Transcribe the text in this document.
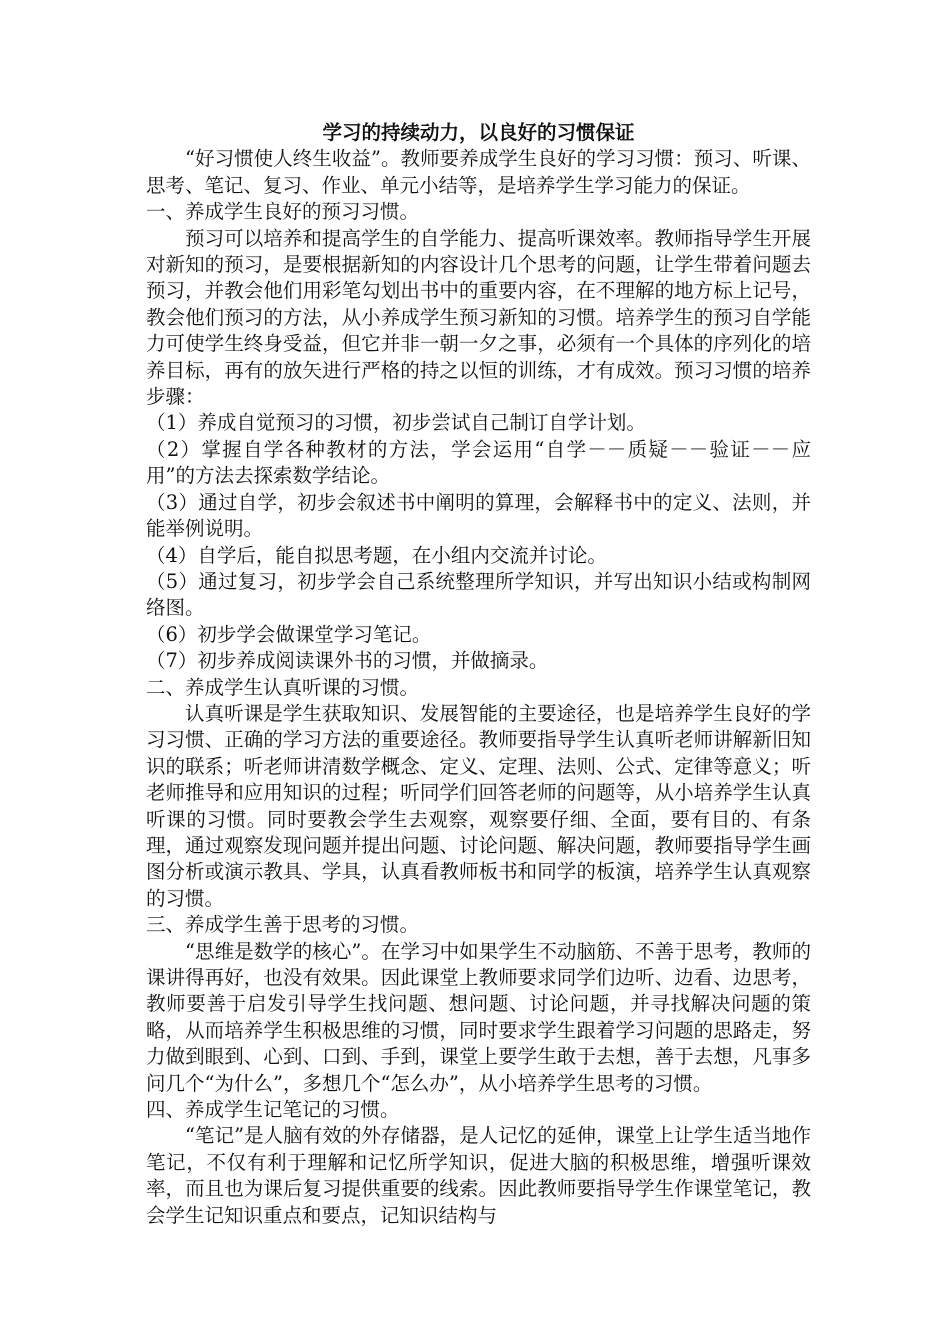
学习的持续动力，以良好的习惯保证

“好习惯使人终生收益”。教师要养成学生良好的学习习惯：预习、听课、思考、笔记、复习、作业、单元小结等，是培养学生学习能力的保证。

一、养成学生良好的预习习惯。

预习可以培养和提高学生的自学能力、提高听课效率。教师指导学生开展对新知的预习，是要根据新知的内容设计几个思考的问题，让学生带着问题去预习，并教会他们用彩笔勾划出书中的重要内容，在不理解的地方标上记号，教会他们预习的方法，从小养成学生预习新知的习惯。培养学生的预习自学能力可使学生终身受益，但它并非一朝一夕之事，必须有一个具体的序列化的培养目标，再有的放矢进行严格的持之以恒的训练，才有成效。预习习惯的培养步骤：

（1）养成自觉预习的习惯，初步尝试自己制订自学计划。

（2）掌握自学各种教材的方法，学会运用“自学－－质疑－－验证－－应用”的方法去探索数学结论。

（3）通过自学，初步会叙述书中阐明的算理，会解释书中的定义、法则，并能举例说明。

（4）自学后，能自拟思考题，在小组内交流并讨论。

（5）通过复习，初步学会自己系统整理所学知识，并写出知识小结或构制网络图。

（6）初步学会做课堂学习笔记。

（7）初步养成阅读课外书的习惯，并做摘录。

二、养成学生认真听课的习惯。

认真听课是学生获取知识、发展智能的主要途径，也是培养学生良好的学习习惯、正确的学习方法的重要途径。教师要指导学生认真听老师讲解新旧知识的联系；听老师讲清数学概念、定义、定理、法则、公式、定律等意义；听老师推导和应用知识的过程；听同学们回答老师的问题等，从小培养学生认真听课的习惯。同时要教会学生去观察，观察要仔细、全面，要有目的、有条理，通过观察发现问题并提出问题、讨论问题、解决问题，教师要指导学生画图分析或演示教具、学具，认真看教师板书和同学的板演，培养学生认真观察的习惯。

三、养成学生善于思考的习惯。

“思维是数学的核心”。在学习中如果学生不动脑筋、不善于思考，教师的课讲得再好，也没有效果。因此课堂上教师要求同学们边听、边看、边思考，教师要善于启发引导学生找问题、想问题、讨论问题，并寻找解决问题的策略，从而培养学生积极思维的习惯，同时要求学生跟着学习问题的思路走，努力做到眼到、心到、口到、手到，课堂上要学生敢于去想，善于去想，凡事多问几个“为什么”，多想几个“怎么办”，从小培养学生思考的习惯。

四、养成学生记笔记的习惯。

“笔记”是人脑有效的外存储器，是人记忆的延伸，课堂上让学生适当地作笔记，不仅有利于理解和记忆所学知识，促进大脑的积极思维，增强听课效率，而且也为课后复习提供重要的线索。因此教师要指导学生作课堂笔记，教会学生记知识重点和要点，记知识结构与
